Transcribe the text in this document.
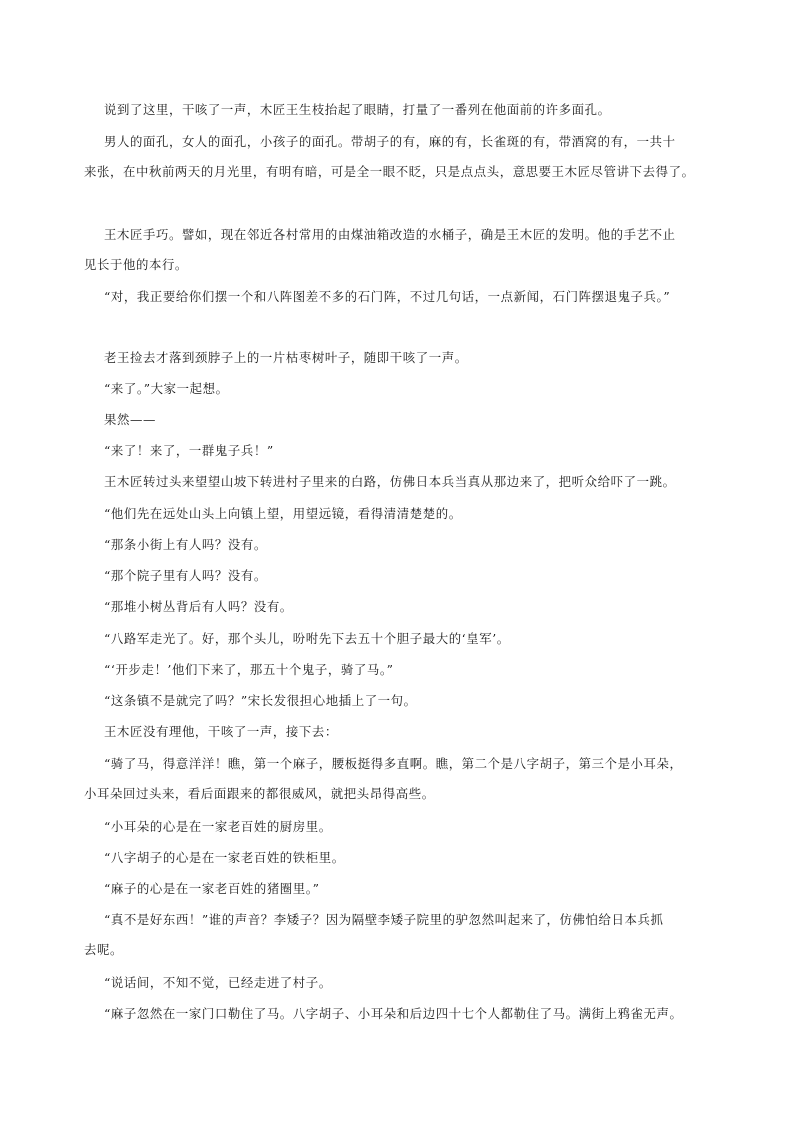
说到了这里，干咳了一声，木匠王生枝抬起了眼睛，打量了一番列在他面前的许多面孔。

男人的面孔，女人的面孔，小孩子的面孔。带胡子的有，麻的有，长雀斑的有，带酒窝的有，一共十

来张，在中秋前两天的月光里，有明有暗，可是全一眼不眨，只是点点头，意思要王木匠尽管讲下去得了。

王木匠手巧。譬如，现在邻近各村常用的由煤油箱改造的水桶子，确是王木匠的发明。他的手艺不止

见长于他的本行。

“对，我正要给你们摆一个和八阵图差不多的石门阵，不过几句话，一点新闻，石门阵摆退鬼子兵。”

老王捡去才落到颈脖子上的一片枯枣树叶子，随即干咳了一声。

“来了。”大家一起想。

果然——

“来了！来了，一群鬼子兵！”

王木匠转过头来望望山坡下转进村子里来的白路，仿佛日本兵当真从那边来了，把听众给吓了一跳。

“他们先在远处山头上向镇上望，用望远镜，看得清清楚楚的。

“那条小街上有人吗？没有。

“那个院子里有人吗？没有。

“那堆小树丛背后有人吗？没有。

“八路军走光了。好，那个头儿，吩咐先下去五十个胆子最大的‘皇军’。

“‘开步走！’他们下来了，那五十个鬼子，骑了马。”

“这条镇不是就完了吗？”宋长发很担心地插上了一句。

王木匠没有理他，干咳了一声，接下去：

“骑了马，得意洋洋！瞧，第一个麻子，腰板挺得多直啊。瞧，第二个是八字胡子，第三个是小耳朵，

小耳朵回过头来，看后面跟来的都很威风，就把头昂得高些。

“小耳朵的心是在一家老百姓的厨房里。

“八字胡子的心是在一家老百姓的铁柜里。

“麻子的心是在一家老百姓的猪圈里。”

“真不是好东西！”谁的声音？李矮子？因为隔壁李矮子院里的驴忽然叫起来了，仿佛怕给日本兵抓

去呢。

“说话间，不知不觉，已经走进了村子。

“麻子忽然在一家门口勒住了马。八字胡子、小耳朵和后边四十七个人都勒住了马。满街上鸦雀无声。
